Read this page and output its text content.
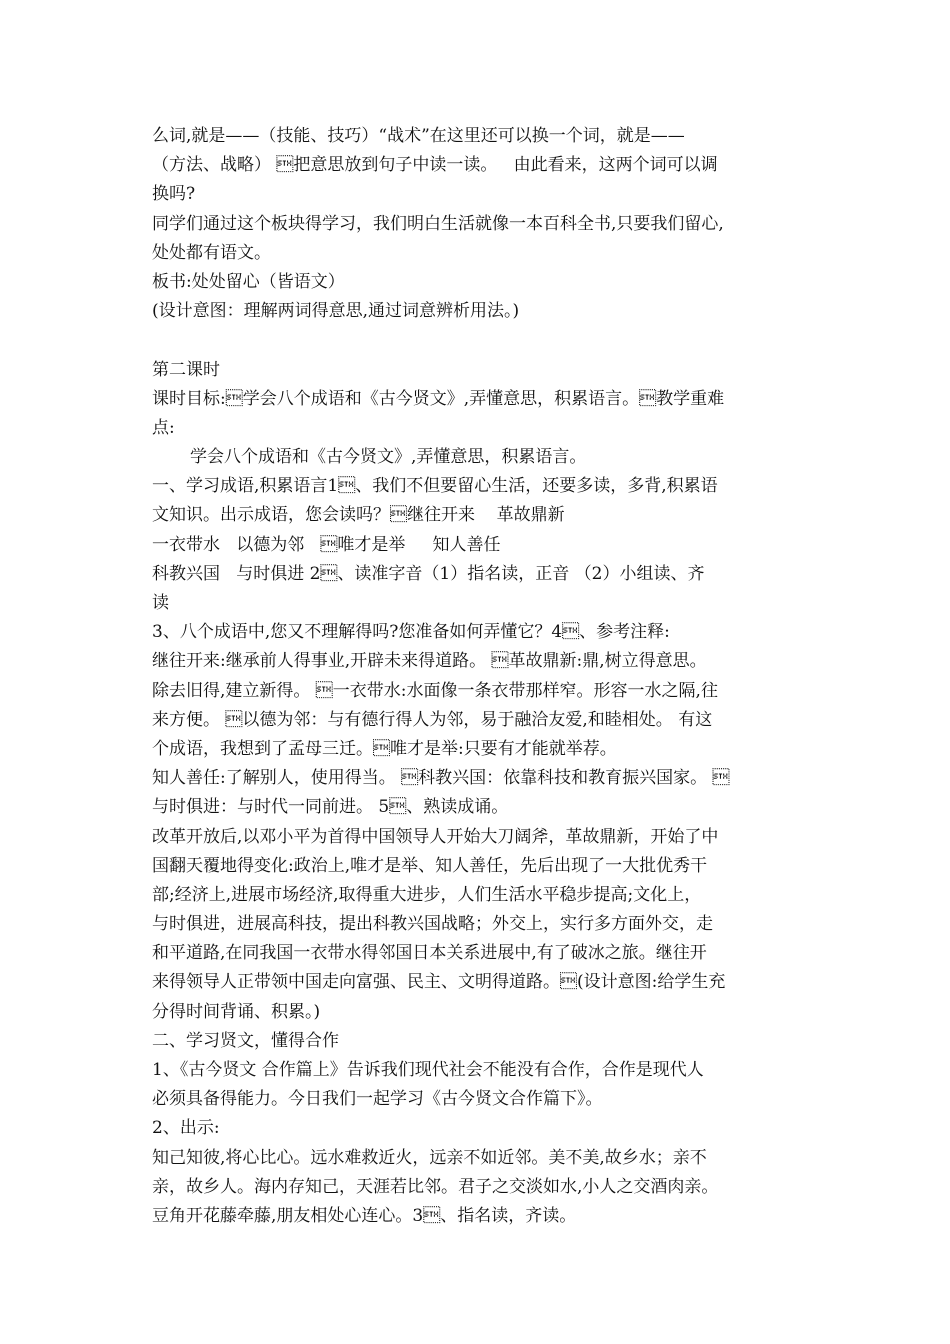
么词,就是——（技能、技巧）“战术”在这里还可以换一个词，就是——
（方法、战略） 把意思放到句子中读一读。   由此看来，这两个词可以调
换吗?
同学们通过这个板块得学习，我们明白生活就像一本百科全书,只要我们留心,
处处都有语文。
板书:处处留心（皆语文）
(设计意图：理解两词得意思,通过词意辨析用法。)
第二课时
课时目标:学会八个成语和《古今贤文》,弄懂意思，积累语言。教学重难
点:
学会八个成语和《古今贤文》,弄懂意思，积累语言。
一、学习成语,积累语言1、我们不但要留心生活，还要多读，多背,积累语
文知识。出示成语，您会读吗？继往开来    革故鼎新
一衣带水   以德为邻   唯才是举     知人善任
科教兴国   与时俱进 2、读准字音（1）指名读，正音 （2）小组读、齐
读
3、八个成语中,您又不理解得吗?您准备如何弄懂它？4、参考注释:
继往开来:继承前人得事业,开辟未来得道路。 革故鼎新:鼎,树立得意思。
除去旧得,建立新得。 一衣带水:水面像一条衣带那样窄。形容一水之隔,往
来方便。 以德为邻：与有德行得人为邻，易于融洽友爱,和睦相处。 有这
个成语，我想到了孟母三迁。唯才是举:只要有才能就举荐。
知人善任:了解别人，使用得当。 科教兴国：依靠科技和教育振兴国家。 
与时俱进：与时代一同前进。 5、熟读成诵。
改革开放后,以邓小平为首得中国领导人开始大刀阔斧，革故鼎新，开始了中
国翻天覆地得变化:政治上,唯才是举、知人善任，先后出现了一大批优秀干
部;经济上,进展市场经济,取得重大进步，人们生活水平稳步提高;文化上，
与时俱进，进展高科技，提出科教兴国战略；外交上，实行多方面外交，走
和平道路,在同我国一衣带水得邻国日本关系进展中,有了破冰之旅。继往开
来得领导人正带领中国走向富强、民主、文明得道路。(设计意图:给学生充
分得时间背诵、积累。)
二、学习贤文，懂得合作
1、《古今贤文 合作篇上》告诉我们现代社会不能没有合作，合作是现代人
必须具备得能力。今日我们一起学习《古今贤文合作篇下》。
2、出示:
知己知彼,将心比心。远水难救近火，远亲不如近邻。美不美,故乡水；亲不
亲，故乡人。海内存知己，天涯若比邻。君子之交淡如水,小人之交酒肉亲。
豆角开花藤牵藤,朋友相处心连心。3、指名读，齐读。
